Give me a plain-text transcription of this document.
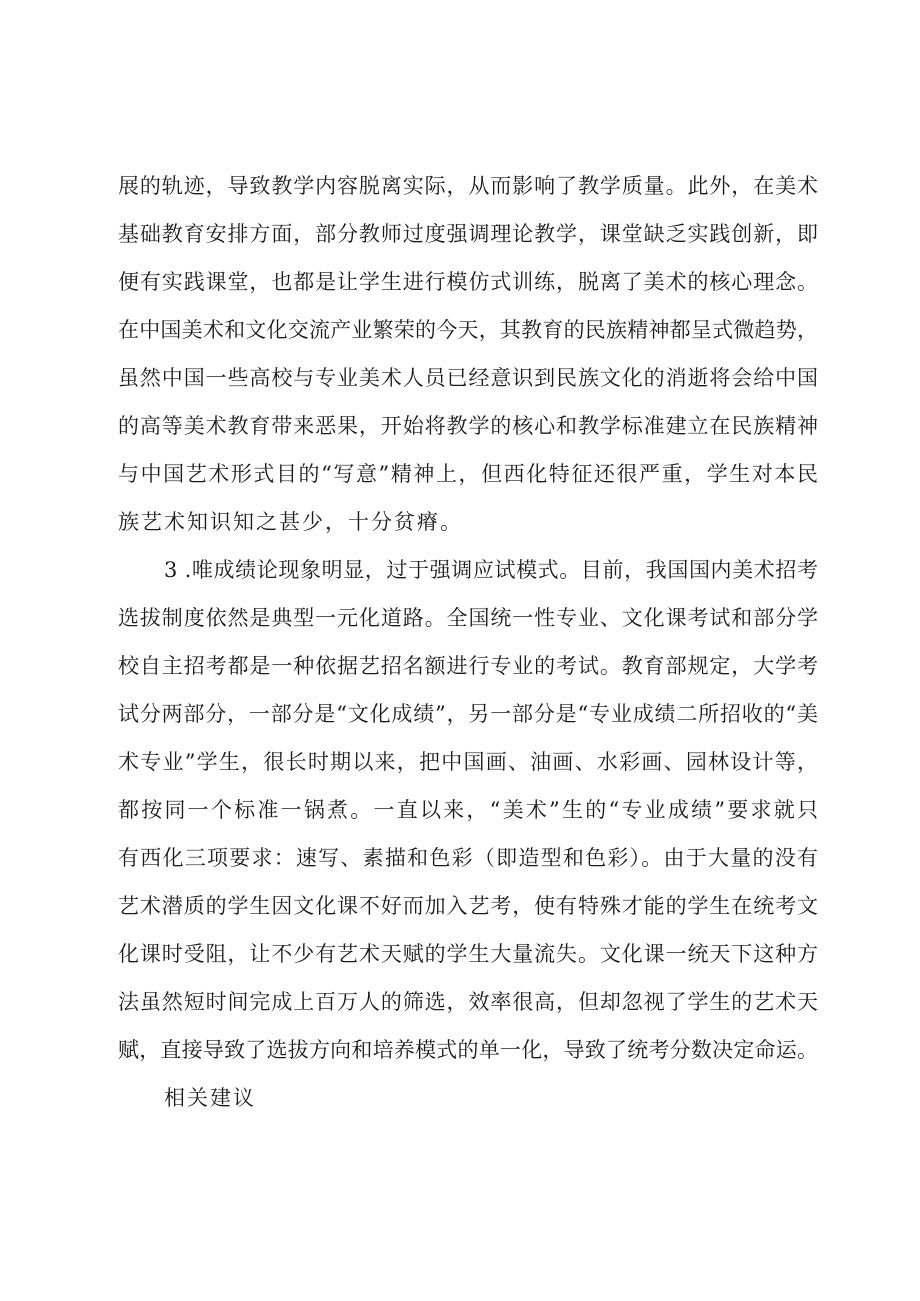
展的轨迹，导致教学内容脱离实际，从而影响了教学质量。此外，在美术
基础教育安排方面，部分教师过度强调理论教学，课堂缺乏实践创新，即
便有实践课堂，也都是让学生进行模仿式训练，脱离了美术的核心理念。
在中国美术和文化交流产业繁荣的今天，其教育的民族精神都呈式微趋势，
虽然中国一些高校与专业美术人员已经意识到民族文化的消逝将会给中国
的高等美术教育带来恶果，开始将教学的核心和教学标准建立在民族精神
与中国艺术形式目的“写意”精神上，但西化特征还很严重，学生对本民
族艺术知识知之甚少，十分贫瘠。
3 .唯成绩论现象明显，过于强调应试模式。目前，我国国内美术招考
选拔制度依然是典型一元化道路。全国统一性专业、文化课考试和部分学
校自主招考都是一种依据艺招名额进行专业的考试。教育部规定，大学考
试分两部分，一部分是“文化成绩”，另一部分是“专业成绩二所招收的“美
术专业”学生，很长时期以来，把中国画、油画、水彩画、园林设计等，
都按同一个标准一锅煮。一直以来，“美术”生的“专业成绩”要求就只
有西化三项要求：速写、素描和色彩（即造型和色彩）。由于大量的没有
艺术潜质的学生因文化课不好而加入艺考，使有特殊才能的学生在统考文
化课时受阻，让不少有艺术天赋的学生大量流失。文化课一统天下这种方
法虽然短时间完成上百万人的筛选，效率很高，但却忽视了学生的艺术天
赋，直接导致了选拔方向和培养模式的单一化，导致了统考分数决定命运。
相关建议
